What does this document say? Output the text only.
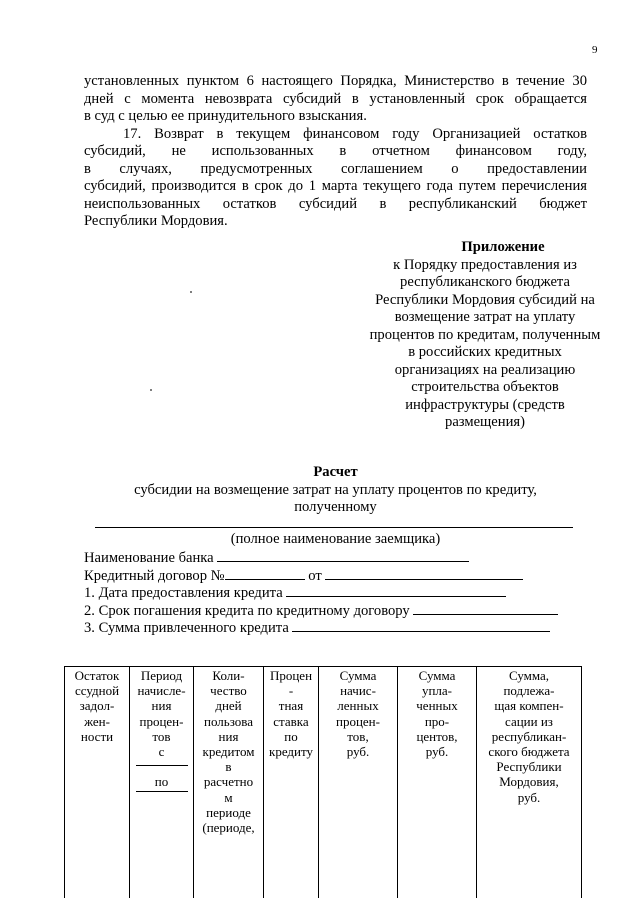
9
установленных пунктом 6 настоящего Порядка, Министерство в течение 30
дней с момента невозврата субсидий в установленный срок обращается
в суд с целью ее принудительного взыскания.
17. Возврат в текущем финансовом году Организацией остатков
субсидий, не использованных в отчетном финансовом году,
в случаях, предусмотренных соглашением о предоставлении
субсидий, производится в срок до 1 марта текущего года путем перечисления
неиспользованных остатков субсидий в республиканский бюджет
Республики Мордовия.
Приложение
к Порядку предоставления из
республиканского бюджета
Республики Мордовия субсидий на
возмещение затрат на уплату
процентов по кредитам, полученным
в российских кредитных
организациях на реализацию
строительства объектов
инфраструктуры (средств
размещения)
Расчет
субсидии на возмещение затрат на уплату процентов по кредиту,
полученному
(полное наименование заемщика)
Наименование банка
Кредитный договор №	от
1. Дата предоставления кредита
2. Срок погашения кредита по кредитному договору
3. Сумма привлеченного кредита
Остаток
ссудной
задол-
жен-
ности

Период
начисле-
ния
процен-
тов
с
по

Коли-
чество
дней
пользова
ния
кредитом
в
расчетно
м
периоде
(периоде,

Процен
-
тная
ставка
по
кредиту

Сумма
начис-
ленных
процен-
тов,
руб.

Сумма
упла-
ченных
про-
центов,
руб.

Сумма,
подлежа-
щая компен-
сации из
республикан-
ского бюджета
Республики
Мордовия,
руб.
